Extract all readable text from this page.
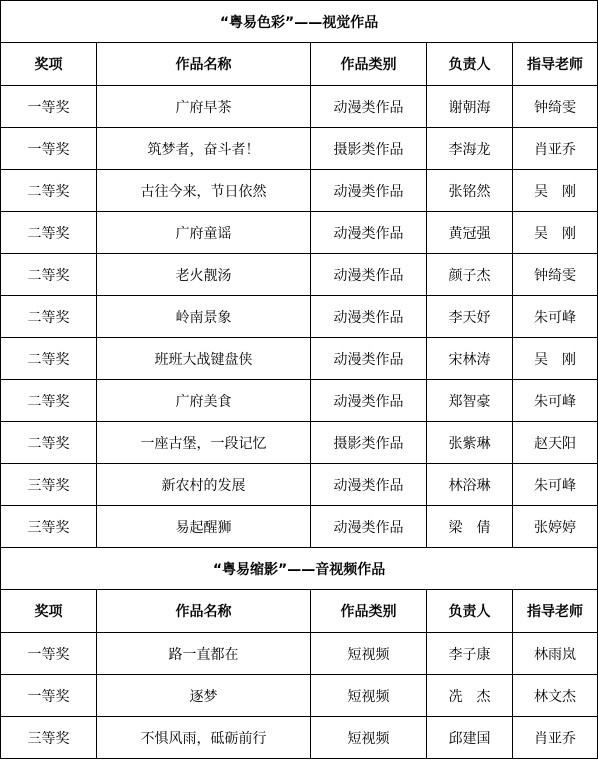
“粤易色彩”——视觉作品				
奖项	作品名称	作品类别	负责人	指导老师
一等奖	广府早茶	动漫类作品	谢朝海	钟绮雯
一等奖	筑梦者，奋斗者！	摄影类作品	李海龙	肖亚乔
二等奖	古往今来，节日依然	动漫类作品	张铭然	吴　刚
二等奖	广府童谣	动漫类作品	黄冠强	吴　刚
二等奖	老火靓汤	动漫类作品	颜子杰	钟绮雯
二等奖	岭南景象	动漫类作品	李天妤	朱可峰
二等奖	班班大战键盘侠	动漫类作品	宋林涛	吴　刚
二等奖	广府美食	动漫类作品	郑智豪	朱可峰
二等奖	一座古堡，一段记忆	摄影类作品	张紫琳	赵天阳
三等奖	新农村的发展	动漫类作品	林浴琳	朱可峰
三等奖	易起醒狮	动漫类作品	梁　倩	张婷婷
“粤易缩影”——音视频作品				
奖项	作品名称	作品类别	负责人	指导老师
一等奖	路一直都在	短视频	李子康	林雨岚
一等奖	逐梦	短视频	冼　杰	林文杰
三等奖	不惧风雨，砥砺前行	短视频	邱建国	肖亚乔
